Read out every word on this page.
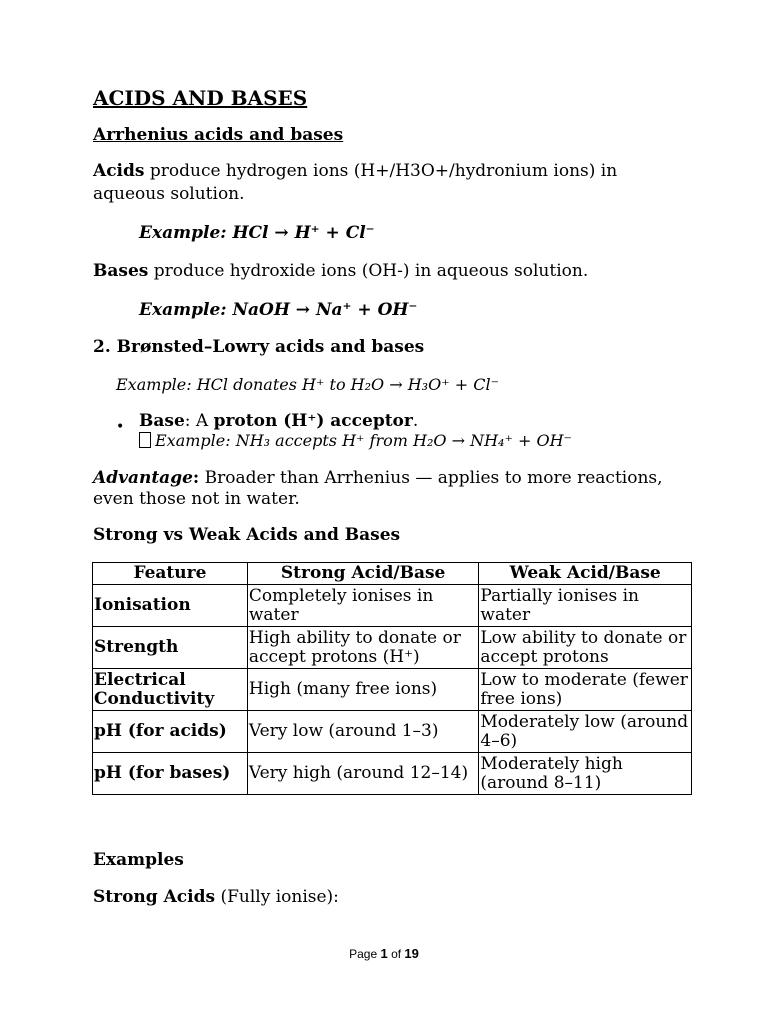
ACIDS AND BASES
Arrhenius acids and bases
Acids produce hydrogen ions (H+/H3O+/hydronium ions) in aqueous solution.
Example: HCl → H⁺ + Cl⁻
Bases produce hydroxide ions (OH-) in aqueous solution.
Example: NaOH → Na⁺ + OH⁻
2. Brønsted–Lowry acids and bases
Example: HCl donates H⁺ to H₂O → H₃O⁺ + Cl⁻
• Base: A proton (H⁺) acceptor.
Example: NH₃ accepts H⁺ from H₂O → NH₄⁺ + OH⁻
Advantage: Broader than Arrhenius — applies to more reactions, even those not in water.
Strong vs Weak Acids and Bases
Feature	Strong Acid/Base	Weak Acid/Base
Ionisation	Completely ionises in water	Partially ionises in water
Strength	High ability to donate or accept protons (H⁺)	Low ability to donate or accept protons
Electrical Conductivity	High (many free ions)	Low to moderate (fewer free ions)
pH (for acids)	Very low (around 1–3)	Moderately low (around 4–6)
pH (for bases)	Very high (around 12–14)	Moderately high (around 8–11)
Examples
Strong Acids (Fully ionise):
Page 1 of 19
